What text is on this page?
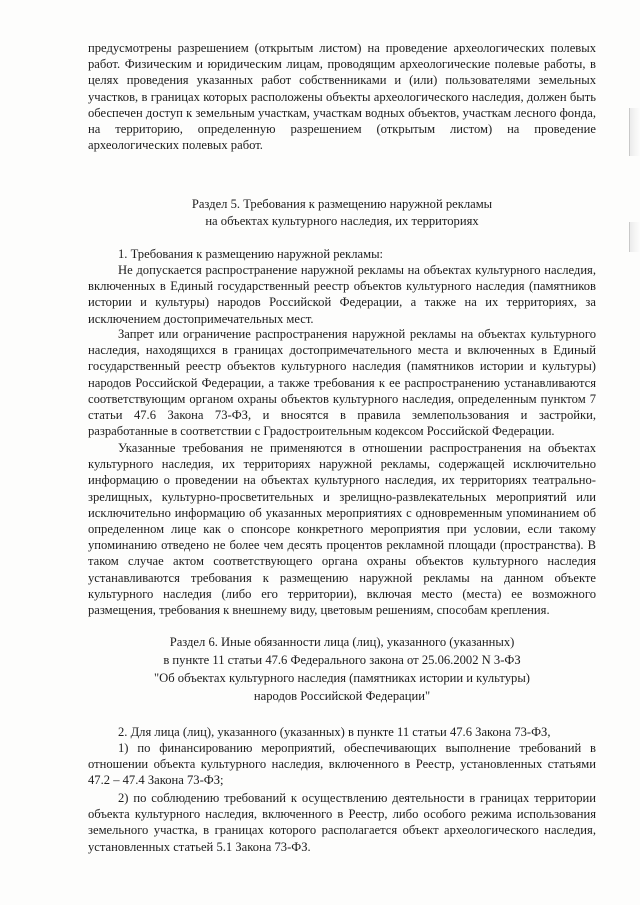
предусмотрены разрешением (открытым листом) на проведение археологических полевых работ. Физическим и юридическим лицам, проводящим археологические полевые работы, в целях проведения указанных работ собственниками и (или) пользователями земельных участков, в границах которых расположены объекты археологического наследия, должен быть обеспечен доступ к земельным участкам, участкам водных объектов, участкам лесного фонда, на территорию, определенную разрешением (открытым листом) на проведение археологических полевых работ.

Раздел 5. Требования к размещению наружной рекламы

на объектах культурного наследия, их территориях

1. Требования к размещению наружной рекламы:

Не допускается распространение наружной рекламы на объектах культурного наследия, включенных в Единый государственный реестр объектов культурного наследия (памятников истории и культуры) народов Российской Федерации, а также на их территориях, за исключением достопримечательных мест.

Запрет или ограничение распространения наружной рекламы на объектах культурного наследия, находящихся в границах достопримечательного места и включенных в Единый государственный реестр объектов культурного наследия (памятников истории и культуры) народов Российской Федерации, а также требования к ее распространению устанавливаются соответствующим органом охраны объектов культурного наследия, определенным пунктом 7 статьи 47.6 Закона 73-ФЗ, и вносятся в правила землепользования и застройки, разработанные в соответствии с Градостроительным кодексом Российской Федерации.

Указанные требования не применяются в отношении распространения на объектах культурного наследия, их территориях наружной рекламы, содержащей исключительно информацию о проведении на объектах культурного наследия, их территориях театрально-зрелищных, культурно-просветительных и зрелищно-развлекательных мероприятий или исключительно информацию об указанных мероприятиях с одновременным упоминанием об определенном лице как о спонсоре конкретного мероприятия при условии, если такому упоминанию отведено не более чем десять процентов рекламной площади (пространства). В таком случае актом соответствующего органа охраны объектов культурного наследия устанавливаются требования к размещению наружной рекламы на данном объекте культурного наследия (либо его территории), включая место (места) ее возможного размещения, требования к внешнему виду, цветовым решениям, способам крепления.

Раздел 6. Иные обязанности лица (лиц), указанного (указанных)

в пункте 11 статьи 47.6 Федерального закона от 25.06.2002 N 3-ФЗ

"Об объектах культурного наследия (памятниках истории и культуры)

народов Российской Федерации"

2. Для лица (лиц), указанного (указанных) в пункте 11 статьи 47.6 Закона 73-ФЗ,

1) по финансированию мероприятий, обеспечивающих выполнение требований в отношении объекта культурного наследия, включенного в Реестр, установленных статьями 47.2 – 47.4 Закона 73-ФЗ;

2) по соблюдению требований к осуществлению деятельности в границах территории объекта культурного наследия, включенного в Реестр, либо особого режима использования земельного участка, в границах которого располагается объект археологического наследия, установленных статьей 5.1 Закона 73-ФЗ.
